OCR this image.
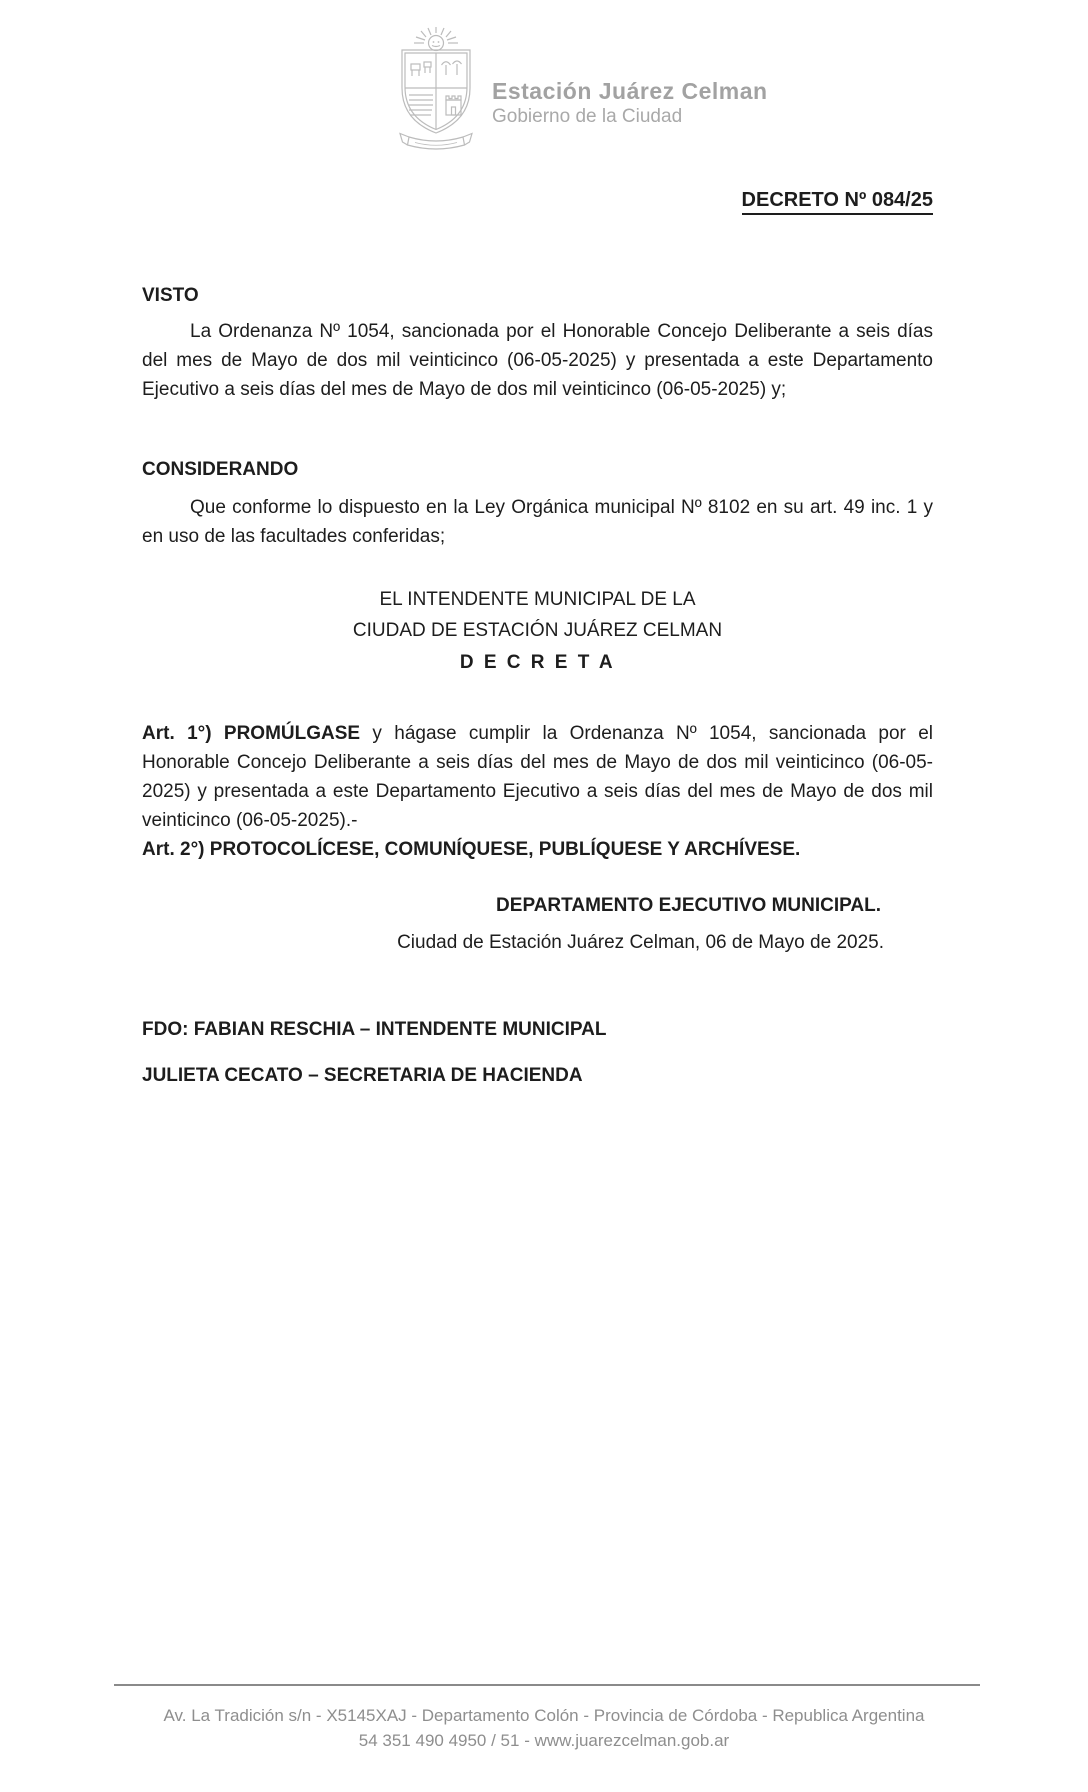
Estación Juárez Celman
Gobierno de la Ciudad

DECRETO Nº 084/25

VISTO

La Ordenanza Nº 1054, sancionada por el Honorable Concejo Deliberante a seis días del mes de Mayo de dos mil veinticinco (06-05-2025) y presentada a este Departamento Ejecutivo a seis días del mes de Mayo de dos mil veinticinco (06-05-2025) y;

CONSIDERANDO

Que conforme lo dispuesto en la Ley Orgánica municipal Nº 8102 en su art. 49 inc. 1 y en uso de las facultades conferidas;

EL INTENDENTE MUNICIPAL DE LA
CIUDAD DE ESTACIÓN JUÁREZ CELMAN

D E C R E T A

Art. 1°) PROMÚLGASE y hágase cumplir la Ordenanza Nº 1054, sancionada por el Honorable Concejo Deliberante a seis días del mes de Mayo de dos mil veinticinco (06-05-2025) y presentada a este Departamento Ejecutivo a seis días del mes de Mayo de dos mil veinticinco (06-05-2025).-

Art. 2°) PROTOCOLÍCESE, COMUNÍQUESE, PUBLÍQUESE Y ARCHÍVESE.

DEPARTAMENTO EJECUTIVO MUNICIPAL.

Ciudad de Estación Juárez Celman, 06 de Mayo de 2025.

FDO: FABIAN RESCHIA – INTENDENTE MUNICIPAL

JULIETA CECATO – SECRETARIA DE HACIENDA

Av. La Tradición s/n - X5145XAJ - Departamento Colón - Provincia de Córdoba - Republica Argentina
54 351 490 4950 / 51 - www.juarezcelman.gob.ar
